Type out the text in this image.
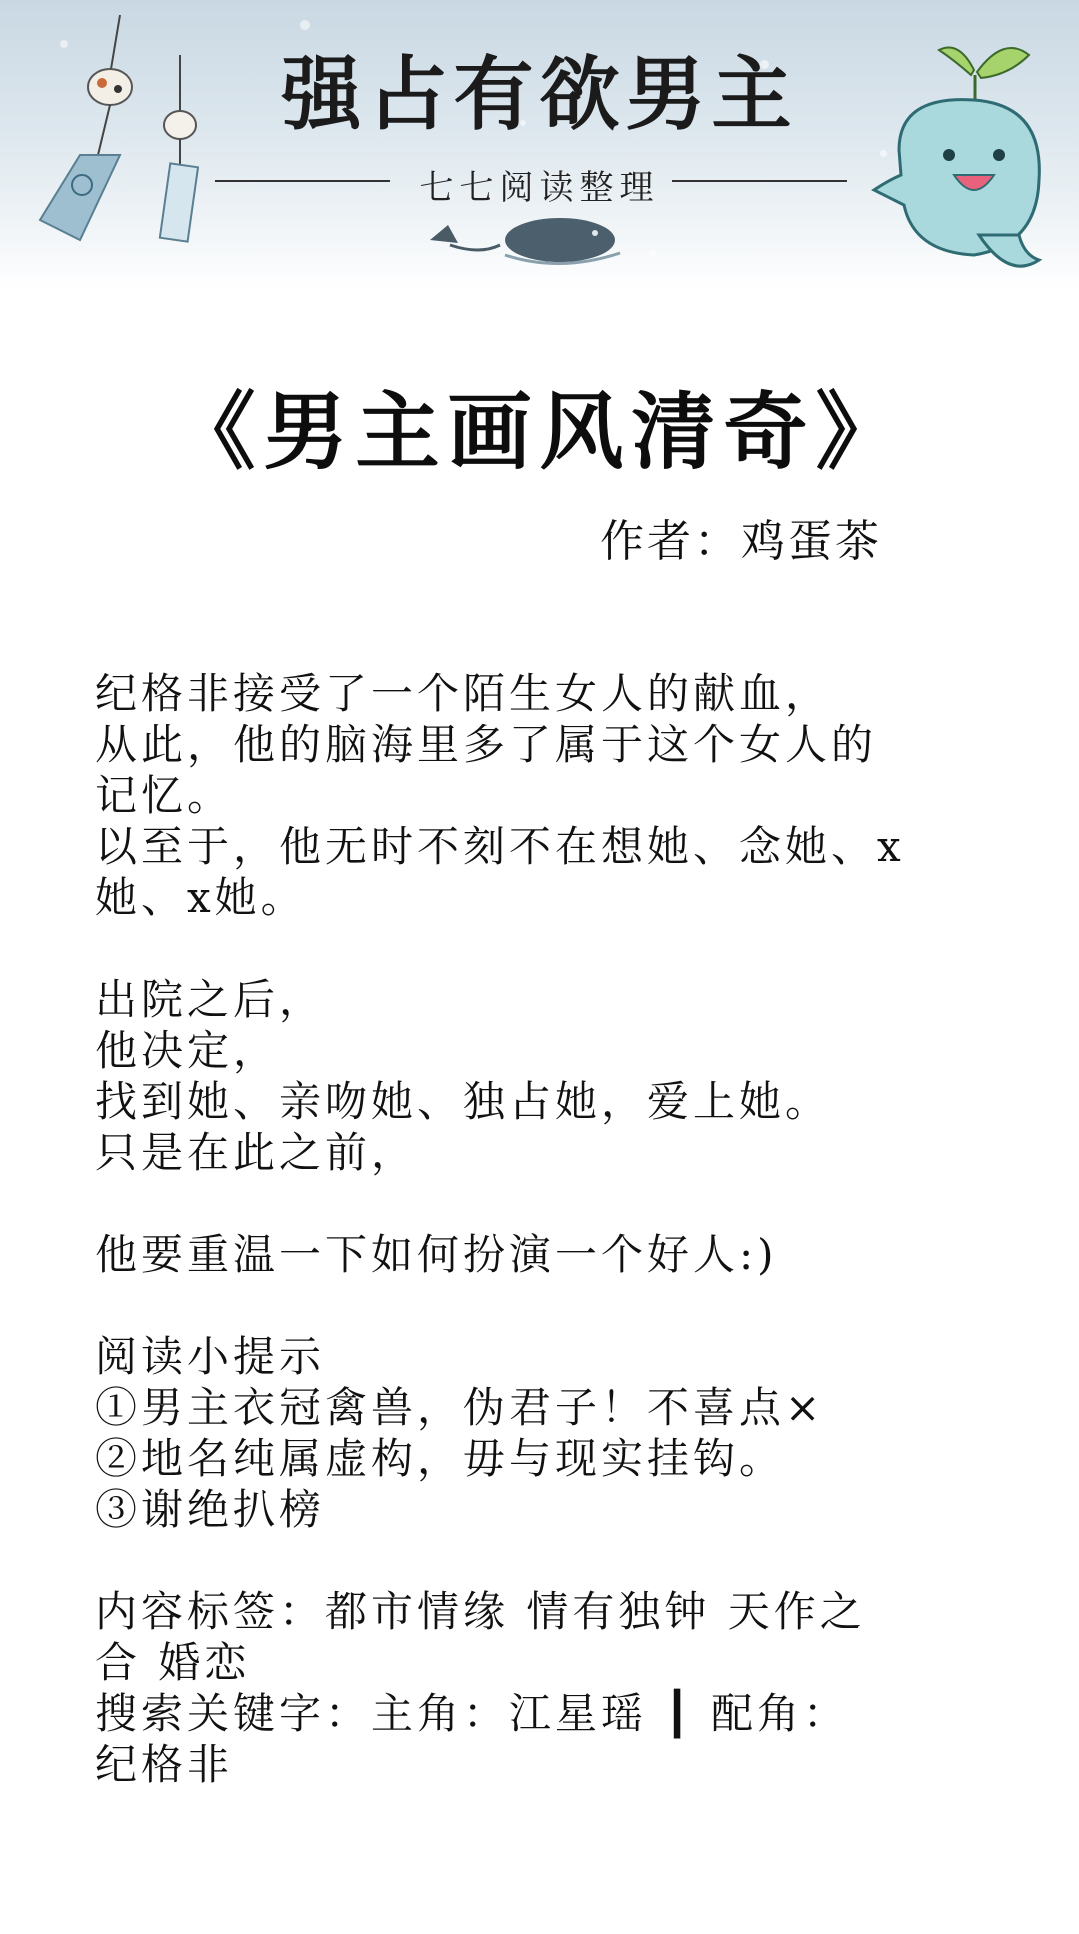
强占有欲男主
七七阅读整理
《男主画风清奇》
作者：鸡蛋茶
纪格非接受了一个陌生女人的献血，
从此，他的脑海里多了属于这个女人的
记忆。
以至于，他无时不刻不在想她、念她、x
她、x她。
出院之后，
他决定，
找到她、亲吻她、独占她，爱上她。
只是在此之前，
他要重温一下如何扮演一个好人:)
阅读小提示
①男主衣冠禽兽，伪君子！不喜点×
②地名纯属虚构，毋与现实挂钩。
③谢绝扒榜
内容标签：都市情缘 情有独钟 天作之
合 婚恋
搜索关键字：主角：江星瑶 ┃ 配角：
纪格非
